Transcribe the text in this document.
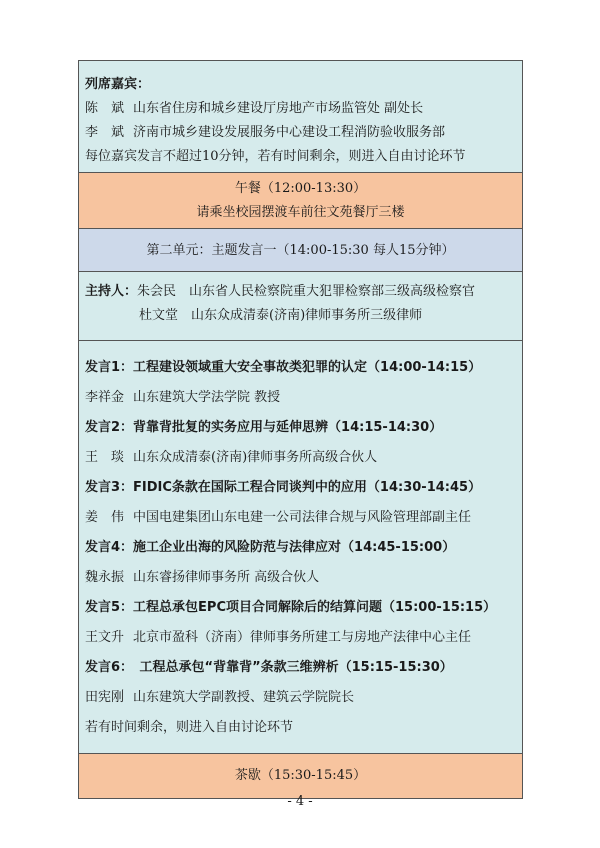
列席嘉宾：
陈　斌 山东省住房和城乡建设厅房地产市场监管处 副处长
李　斌 济南市城乡建设发展服务中心建设工程消防验收服务部
每位嘉宾发言不超过10分钟，若有时间剩余，则进入自由讨论环节
午餐（12:00-13:30）
请乘坐校园摆渡车前往文苑餐厅三楼
第二单元：主题发言一（14:00-15:30 每人15分钟）
主持人：朱会民　 山东省人民检察院重大犯罪检察部三级高级检察官
杜文堂　 山东众成清泰(济南)律师事务所三级律师
发言1：工程建设领域重大安全事故类犯罪的认定（14:00-14:15）
李祥金 山东建筑大学法学院 教授
发言2：背靠背批复的实务应用与延伸思辨（14:15-14:30）
王　琰 山东众成清泰(济南)律师事务所高级合伙人
发言3：FIDIC条款在国际工程合同谈判中的应用（14:30-14:45）
姜　伟 中国电建集团山东电建一公司法律合规与风险管理部副主任
发言4：施工企业出海的风险防范与法律应对（14:45-15:00）
魏永振 山东睿扬律师事务所 高级合伙人
发言5：工程总承包EPC项目合同解除后的结算问题（15:00-15:15）
王文升 北京市盈科（济南）律师事务所建工与房地产法律中心主任
发言6：　工程总承包“背靠背”条款三维辨析（15:15-15:30）
田宪刚 山东建筑大学副教授、建筑云学院院长
若有时间剩余，则进入自由讨论环节
茶歇（15:30-15:45）
- 4 -
